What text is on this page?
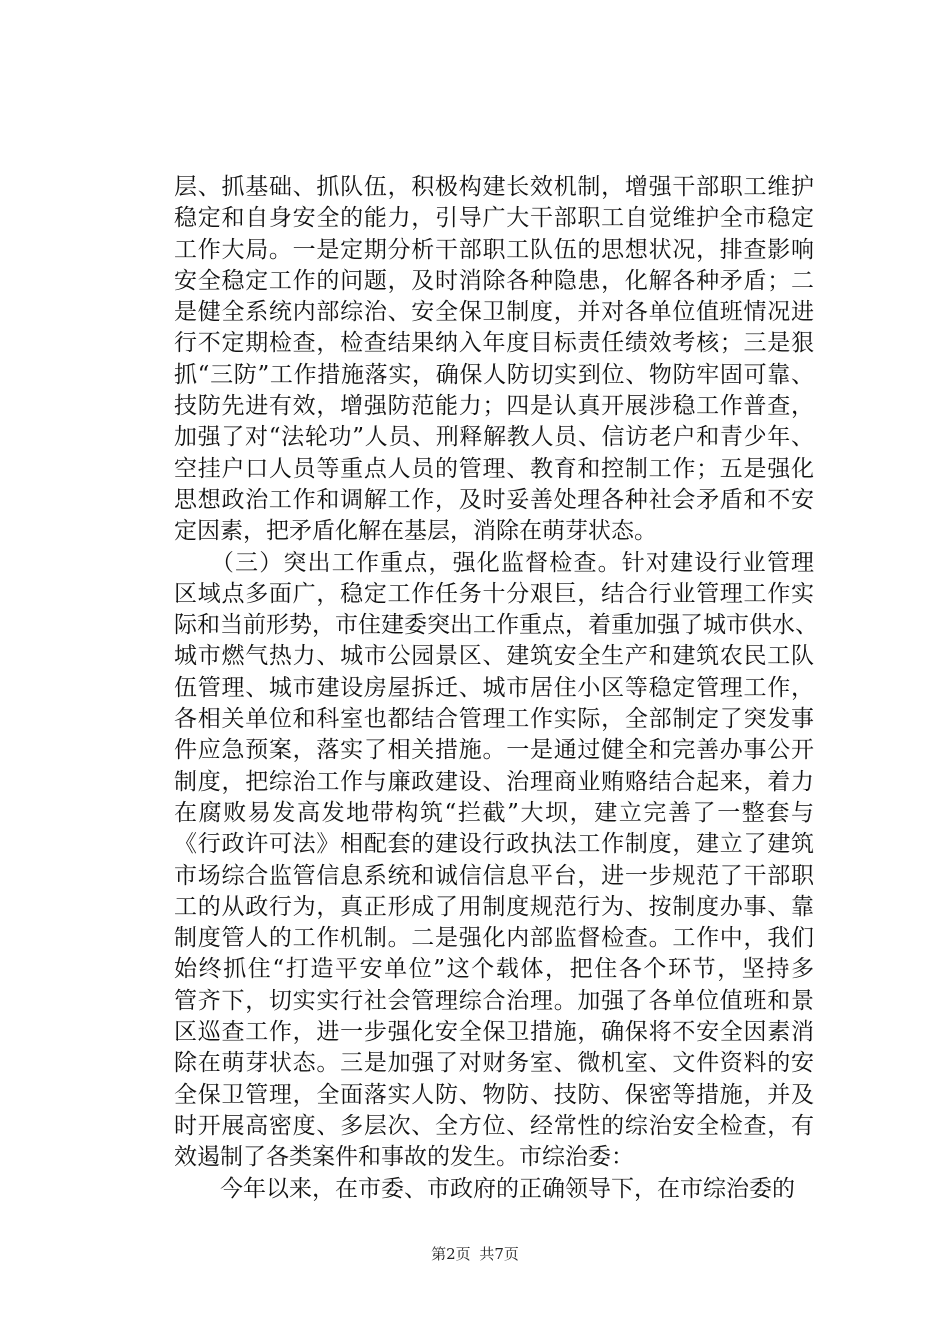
层、抓基础、抓队伍，积极构建长效机制，增强干部职工维护
稳定和自身安全的能力，引导广大干部职工自觉维护全市稳定
工作大局。一是定期分析干部职工队伍的思想状况，排查影响
安全稳定工作的问题，及时消除各种隐患，化解各种矛盾；二
是健全系统内部综治、安全保卫制度，并对各单位值班情况进
行不定期检查，检查结果纳入年度目标责任绩效考核；三是狠
抓“三防”工作措施落实，确保人防切实到位、物防牢固可靠、
技防先进有效，增强防范能力；四是认真开展涉稳工作普查，
加强了对“法轮功”人员、刑释解教人员、信访老户和青少年、
空挂户口人员等重点人员的管理、教育和控制工作；五是强化
思想政治工作和调解工作，及时妥善处理各种社会矛盾和不安
定因素，把矛盾化解在基层，消除在萌芽状态。
　　（三）突出工作重点，强化监督检查。针对建设行业管理
区域点多面广，稳定工作任务十分艰巨，结合行业管理工作实
际和当前形势，市住建委突出工作重点，着重加强了城市供水、
城市燃气热力、城市公园景区、建筑安全生产和建筑农民工队
伍管理、城市建设房屋拆迁、城市居住小区等稳定管理工作，
各相关单位和科室也都结合管理工作实际，全部制定了突发事
件应急预案，落实了相关措施。一是通过健全和完善办事公开
制度，把综治工作与廉政建设、治理商业贿赂结合起来，着力
在腐败易发高发地带构筑“拦截”大坝，建立完善了一整套与
《行政许可法》相配套的建设行政执法工作制度，建立了建筑
市场综合监管信息系统和诚信信息平台，进一步规范了干部职
工的从政行为，真正形成了用制度规范行为、按制度办事、靠
制度管人的工作机制。二是强化内部监督检查。工作中，我们
始终抓住“打造平安单位”这个载体，把住各个环节，坚持多
管齐下，切实实行社会管理综合治理。加强了各单位值班和景
区巡查工作，进一步强化安全保卫措施，确保将不安全因素消
除在萌芽状态。三是加强了对财务室、微机室、文件资料的安
全保卫管理，全面落实人防、物防、技防、保密等措施，并及
时开展高密度、多层次、全方位、经常性的综治安全检查，有
效遏制了各类案件和事故的发生。市综治委：
　　今年以来，在市委、市政府的正确领导下，在市综治委的
第2页 共7页
